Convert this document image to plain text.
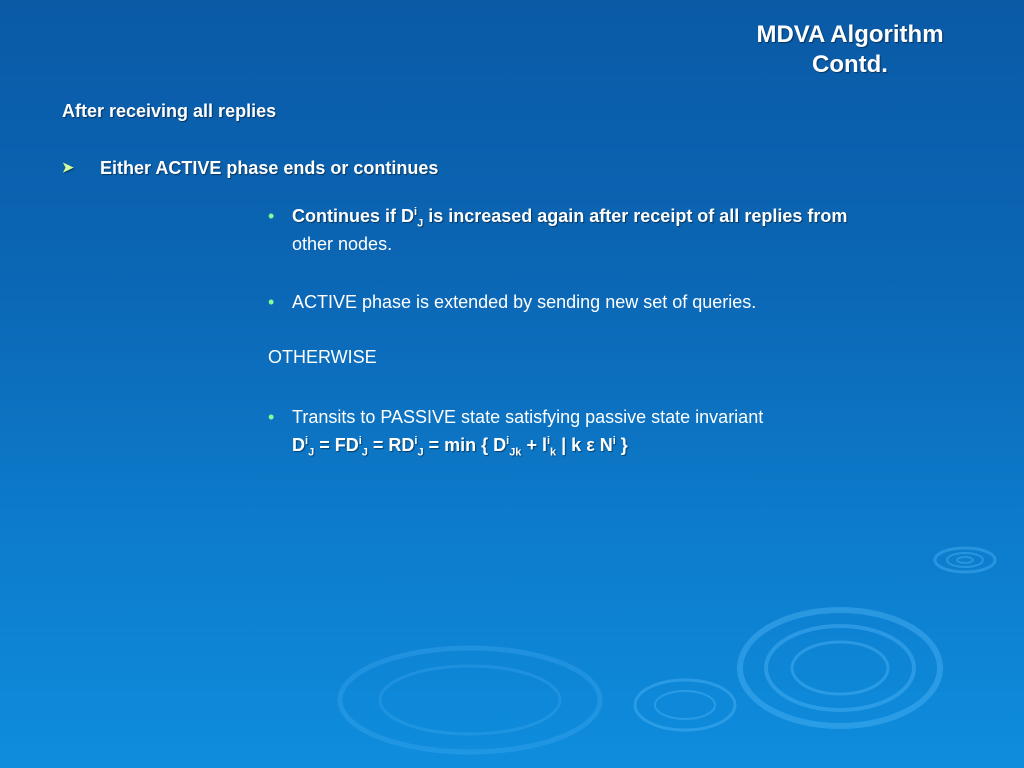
MDVA Algorithm
Contd.
After receiving all replies
➤ Either ACTIVE phase ends or continues
• Continues if $D^i_J$ is increased again after receipt of all replies from
other nodes.
• ACTIVE phase is extended by sending new set of queries.
OTHERWISE
• Transits to PASSIVE state satisfying passive state invariant
$D^i_J = FD^i_J = RD^i_J = \min$ { $D^i_{Jk} + l^i_k$ | k ε $N^i$ }
